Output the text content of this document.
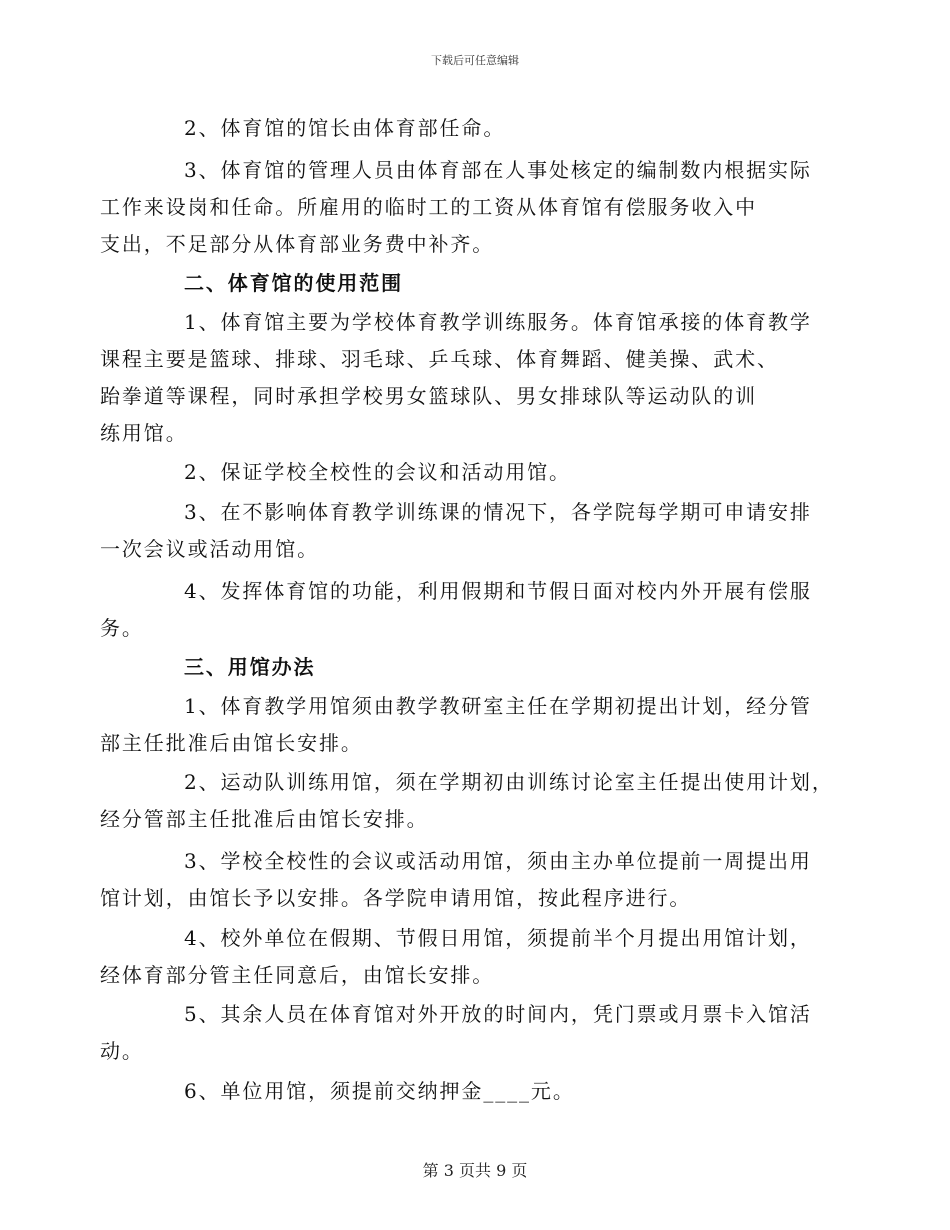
下载后可任意编辑
2、体育馆的馆长由体育部任命。
3、体育馆的管理人员由体育部在人事处核定的编制数内根据实际
工作来设岗和任命。所雇用的临时工的工资从体育馆有偿服务收入中
支出，不足部分从体育部业务费中补齐。
二、体育馆的使用范围
1、体育馆主要为学校体育教学训练服务。体育馆承接的体育教学
课程主要是篮球、排球、羽毛球、乒乓球、体育舞蹈、健美操、武术、
跆拳道等课程，同时承担学校男女篮球队、男女排球队等运动队的训
练用馆。
2、保证学校全校性的会议和活动用馆。
3、在不影响体育教学训练课的情况下，各学院每学期可申请安排
一次会议或活动用馆。
4、发挥体育馆的功能，利用假期和节假日面对校内外开展有偿服
务。
三、用馆办法
1、体育教学用馆须由教学教研室主任在学期初提出计划，经分管
部主任批准后由馆长安排。
2、运动队训练用馆，须在学期初由训练讨论室主任提出使用计划，
经分管部主任批准后由馆长安排。
3、学校全校性的会议或活动用馆，须由主办单位提前一周提出用
馆计划，由馆长予以安排。各学院申请用馆，按此程序进行。
4、校外单位在假期、节假日用馆，须提前半个月提出用馆计划，
经体育部分管主任同意后，由馆长安排。
5、其余人员在体育馆对外开放的时间内，凭门票或月票卡入馆活
动。
6、单位用馆，须提前交纳押金____元。
第 3 页共 9 页
